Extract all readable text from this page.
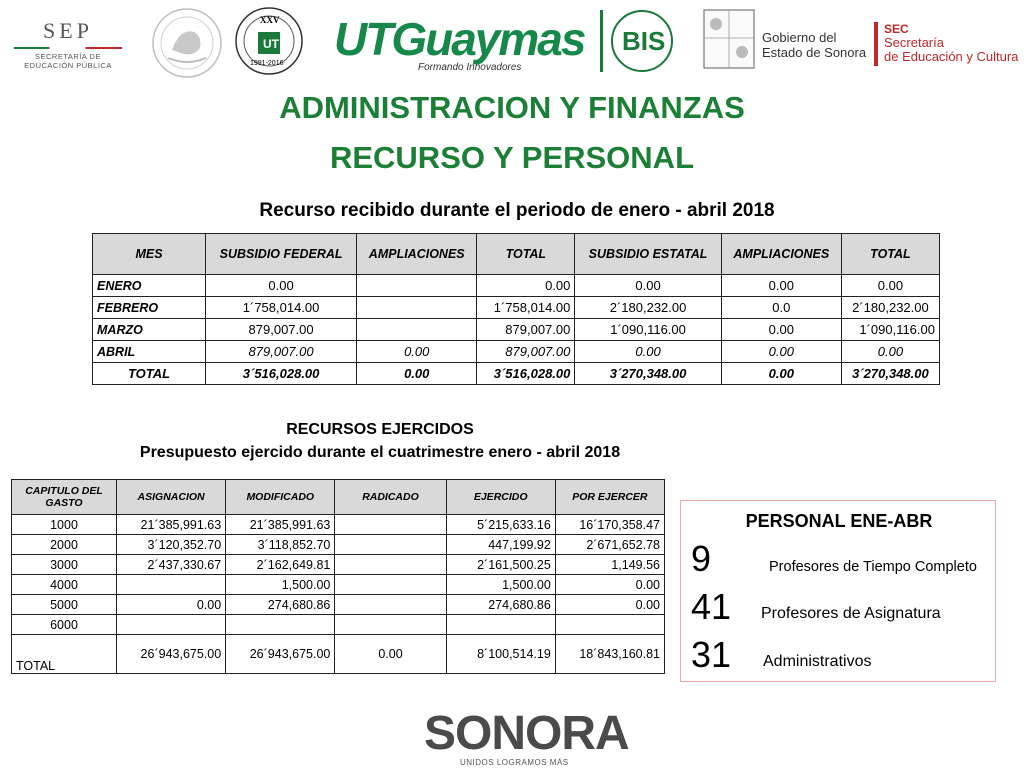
SEP
SECRETARÍA DE
EDUCACIÓN PÚBLICA
UT
XXV
1991-2016 UTGuaymas
Formando Innovadores
BIS	Gobierno del
Estado de Sonora
SEC
Secretaría
de Educación y Cultura
ADMINISTRACION Y FINANZAS
RECURSO Y PERSONAL
Recurso recibido durante el periodo de enero - abril 2018
MES	SUBSIDIO FEDERAL	AMPLIACIONES	TOTAL	SUBSIDIO ESTATAL	AMPLIACIONES	TOTAL
ENERO	0.00		0.00	0.00	0.00	0.00
FEBRERO	1´758,014.00		1´758,014.00	2´180,232.00	0.0	2´180,232.00
MARZO	879,007.00		879,007.00	1´090,116.00	0.00	1´090,116.00
ABRIL	879,007.00	0.00	879,007.00	0.00	0.00	0.00
TOTAL	3´516,028.00	0.00	3´516,028.00	3´270,348.00	0.00	3´270,348.00
RECURSOS EJERCIDOS
Presupuesto ejercido durante el cuatrimestre enero - abril 2018
CAPITULO DEL GASTO	ASIGNACION	MODIFICADO	RADICADO	EJERCIDO	POR EJERCER
1000	21´385,991.63	21´385,991.63		5´215,633.16	16´170,358.47
2000	3´120,352.70	3´118,852.70		447,199.92	2´671,652.78
3000	2´437,330.67	2´162,649.81		2´161,500.25	1,149.56
4000		1,500.00		1,500.00	0.00
5000	0.00	274,680.86		274,680.86	0.00
6000					
TOTAL	26´943,675.00	26´943,675.00	0.00	8´100,514.19	18´843,160.81
PERSONAL ENE-ABR
9	Profesores de Tiempo Completo
41 Profesores de Asignatura
31 Administrativos
SONORA
UNIDOS LOGRAMOS MÁS
